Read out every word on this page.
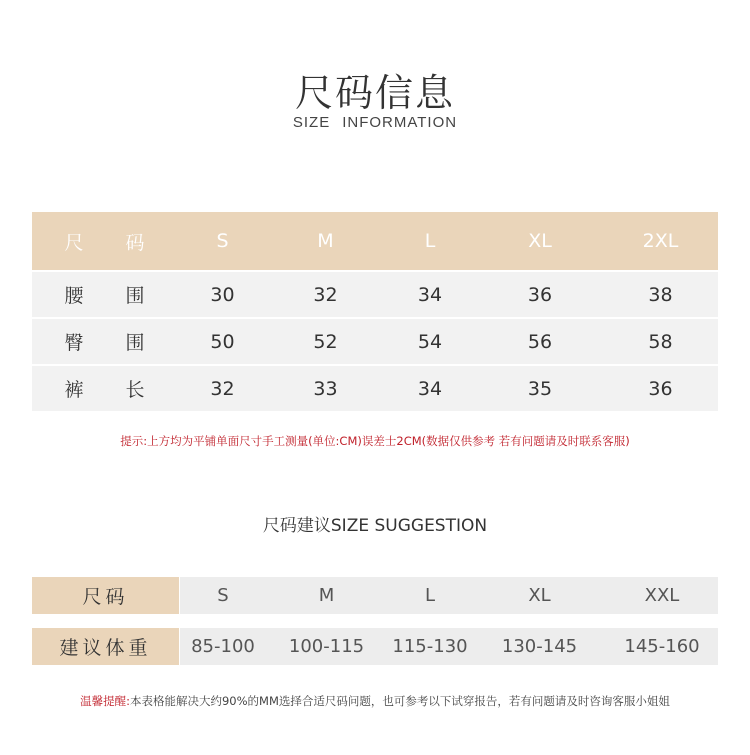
尺码信息
SIZE INFORMATION
尺 码	S	M	L	XL	2XL
腰 围	30	32	34	36	38
臀 围	50	52	54	56	58
裤 长	32	33	34	35	36
提示:上方均为平铺单面尺寸手工测量(单位:CM)误差士2CM(数据仅供参考 若有问题请及时联系客服)
尺码建议SIZE SUGGESTION
尺码	S	M	L	XL	XXL
建议体重	85-100	100-115	115-130	130-145	145-160
温馨提醒:本表格能解决大约90%的MM选择合适尺码问题，也可参考以下试穿报告，若有问题请及时咨询客服小姐姐
